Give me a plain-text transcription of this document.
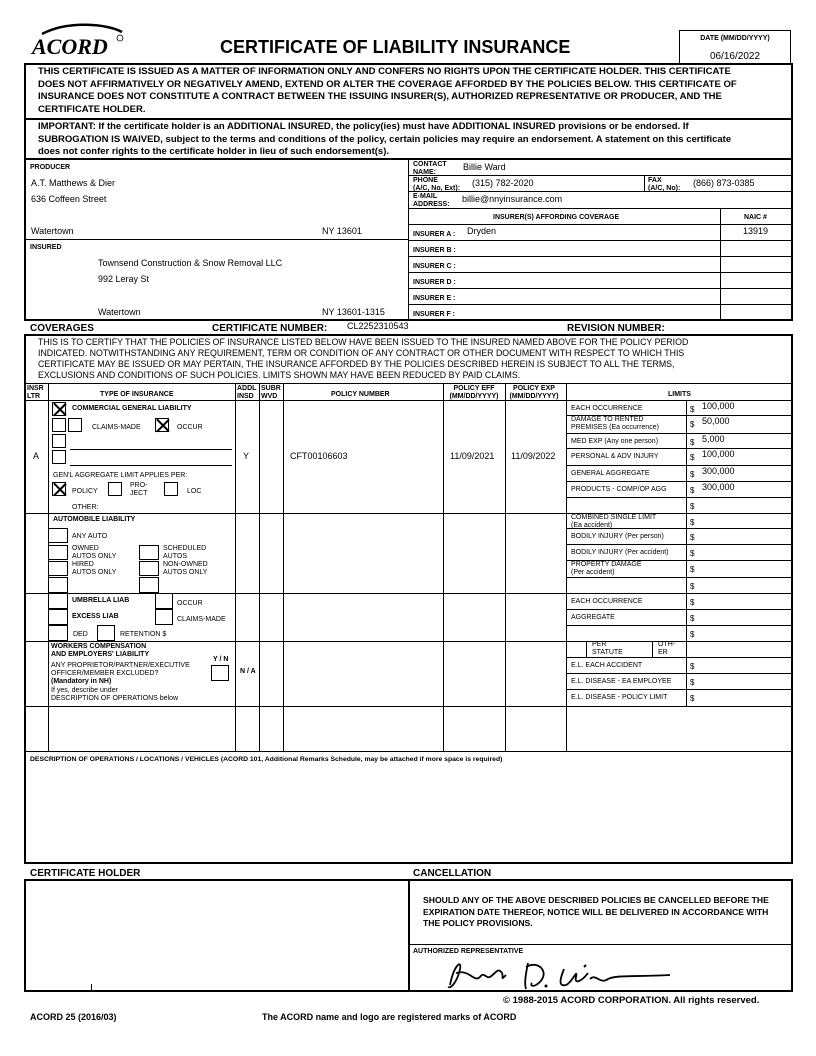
ACORD	CERTIFICATE OF LIABILITY INSURANCE	DATE (MM/DD/YYYY)
06/16/2022
THIS CERTIFICATE IS ISSUED AS A MATTER OF INFORMATION ONLY AND CONFERS NO RIGHTS UPON THE CERTIFICATE HOLDER. THIS CERTIFICATE DOES NOT AFFIRMATIVELY OR NEGATIVELY AMEND, EXTEND OR ALTER THE COVERAGE AFFORDED BY THE POLICIES BELOW. THIS CERTIFICATE OF INSURANCE DOES NOT CONSTITUTE A CONTRACT BETWEEN THE ISSUING INSURER(S), AUTHORIZED REPRESENTATIVE OR PRODUCER, AND THE CERTIFICATE HOLDER.
IMPORTANT: If the certificate holder is an ADDITIONAL INSURED, the policy(ies) must have ADDITIONAL INSURED provisions or be endorsed. If SUBROGATION IS WAIVED, subject to the terms and conditions of the policy, certain policies may require an endorsement. A statement on this certificate does not confer rights to the certificate holder in lieu of such endorsement(s).
PRODUCER
A.T. Matthews & Dier
636 Coffeen Street
Watertown	NY 13601
CONTACT
NAME:
Billie Ward
PHONE
(A/C, No, Ext):
(315) 782-2020	FAX
(A/C, No):
(866) 873-0385
E-MAIL
ADDRESS:
billie@nnyinsurance.com
INSURER(S) AFFORDING COVERAGE	NAIC #
INSURER A : Dryden	13919
INSURER B :
INSURER C :
INSURER D :
INSURER E :
INSURER F :
INSURED
Townsend Construction & Snow Removal LLC
992 Leray St
Watertown	NY 13601-1315
COVERAGES	CERTIFICATE NUMBER: CL2252310543	REVISION NUMBER:
THIS IS TO CERTIFY THAT THE POLICIES OF INSURANCE LISTED BELOW HAVE BEEN ISSUED TO THE INSURED NAMED ABOVE FOR THE POLICY PERIOD INDICATED. NOTWITHSTANDING ANY REQUIREMENT, TERM OR CONDITION OF ANY CONTRACT OR OTHER DOCUMENT WITH RESPECT TO WHICH THIS CERTIFICATE MAY BE ISSUED OR MAY PERTAIN, THE INSURANCE AFFORDED BY THE POLICIES DESCRIBED HEREIN IS SUBJECT TO ALL THE TERMS, EXCLUSIONS AND CONDITIONS OF SUCH POLICIES. LIMITS SHOWN MAY HAVE BEEN REDUCED BY PAID CLAIMS.
INSR
LTR	TYPE OF INSURANCE
ADDL
INSD
SUBR
WVD	POLICY NUMBER
POLICY EFF
(MM/DD/YYYY)
POLICY EXP
(MM/DD/YYYY)	LIMITS
COMMERCIAL GENERAL LIABILITY
CLAIMS-MADE	OCCUR
GEN'L AGGREGATE LIMIT APPLIES PER:
POLICY
PRO-
JECT	LOC
OTHER:
A	Y	CFT00106603	11/09/2021 11/09/2022
EACH OCCURRENCE	$ 100,000
DAMAGE TO RENTED
PREMISES (Ea occurrence)	$ 50,000
MED EXP (Any one person)	$ 5,000
PERSONAL & ADV INJURY	$ 100,000
GENERAL AGGREGATE	$ 300,000
PRODUCTS - COMP/OP AGG	$ 300,000
$
AUTOMOBILE LIABILITY
ANY AUTO
OWNED
AUTOS ONLY
SCHEDULED
AUTOS
HIRED
AUTOS ONLY
NON-OWNED
AUTOS ONLY
COMBINED SINGLE LIMIT
(Ea accident)	$
BODILY INJURY (Per person)	$
BODILY INJURY (Per accident)	$
PROPERTY DAMAGE
(Per accident)	$
$
UMBRELLA LIAB	OCCUR
EXCESS LIAB	CLAIMS-MADE
DED	RETENTION $
EACH OCCURRENCE	$
AGGREGATE	$
$
WORKERS COMPENSATION
AND EMPLOYERS' LIABILITY
Y / N
ANY PROPRIETOR/PARTNER/EXECUTIVE
OFFICER/MEMBER EXCLUDED?
(Mandatory in NH)
If yes, describe under
DESCRIPTION OF OPERATIONS below
N / A
PER
STATUTE
OTH-
ER
E.L. EACH ACCIDENT	$
E.L. DISEASE - EA EMPLOYEE	$
E.L. DISEASE - POLICY LIMIT	$
DESCRIPTION OF OPERATIONS / LOCATIONS / VEHICLES (ACORD 101, Additional Remarks Schedule, may be attached if more space is required)
CERTIFICATE HOLDER	CANCELLATION
SHOULD ANY OF THE ABOVE DESCRIBED POLICIES BE CANCELLED BEFORE THE EXPIRATION DATE THEREOF, NOTICE WILL BE DELIVERED IN ACCORDANCE WITH THE POLICY PROVISIONS.
AUTHORIZED REPRESENTATIVE
© 1988-2015 ACORD CORPORATION. All rights reserved.
ACORD 25 (2016/03)	The ACORD name and logo are registered marks of ACORD
